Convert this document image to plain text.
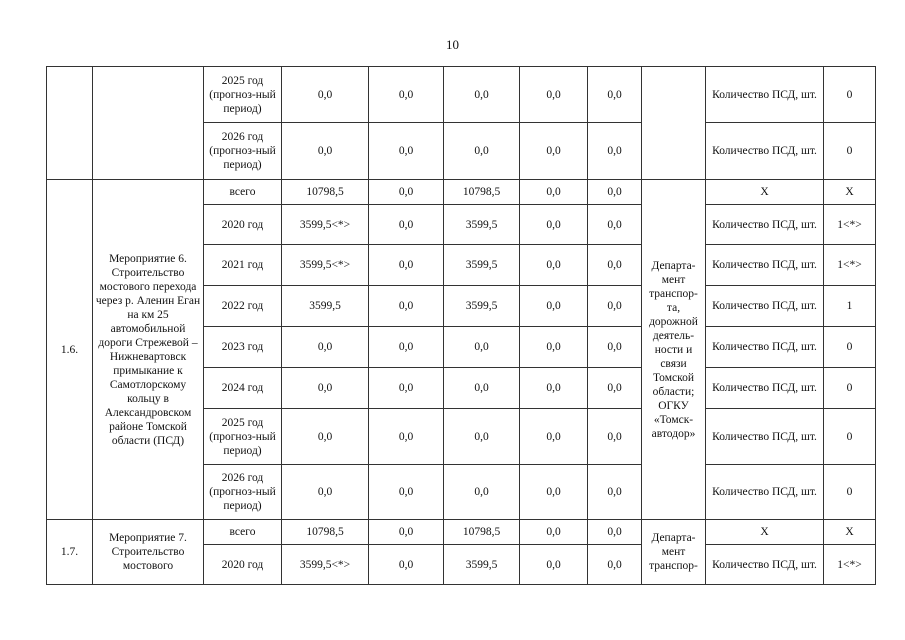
10
		2025 год (прогноз-ный период)	0,0	0,0	0,0	0,0	0,0		Количество ПСД, шт.	0
		2026 год (прогноз-ный период)	0,0	0,0	0,0	0,0	0,0		Количество ПСД, шт.	0
1.6.	Мероприятие 6. Строительство мостового перехода через р. Аленин Еган на км 25 автомобильной дороги Стрежевой – Нижневартовск примыкание к Самотлорскому кольцу в Александровском районе Томской области (ПСД)	всего	10798,5	0,0	10798,5	0,0	0,0	Департа-мент транспор-та, дорожной деятель-ности и связи Томской области; ОГКУ «Томск-автодор»	Х	Х
		2020 год	3599,5<*>	0,0	3599,5	0,0	0,0		Количество ПСД, шт.	1<*>
		2021 год	3599,5<*>	0,0	3599,5	0,0	0,0		Количество ПСД, шт.	1<*>
		2022 год	3599,5	0,0	3599,5	0,0	0,0		Количество ПСД, шт.	1
		2023 год	0,0	0,0	0,0	0,0	0,0		Количество ПСД, шт.	0
		2024 год	0,0	0,0	0,0	0,0	0,0		Количество ПСД, шт.	0
		2025 год (прогноз-ный период)	0,0	0,0	0,0	0,0	0,0		Количество ПСД, шт.	0
		2026 год (прогноз-ный период)	0,0	0,0	0,0	0,0	0,0		Количество ПСД, шт.	0
1.7.	Мероприятие 7. Строительство мостового	всего	10798,5	0,0	10798,5	0,0	0,0	Департа-мент транспор-	Х	Х
		2020 год	3599,5<*>	0,0	3599,5	0,0	0,0		Количество ПСД, шт.	1<*>
